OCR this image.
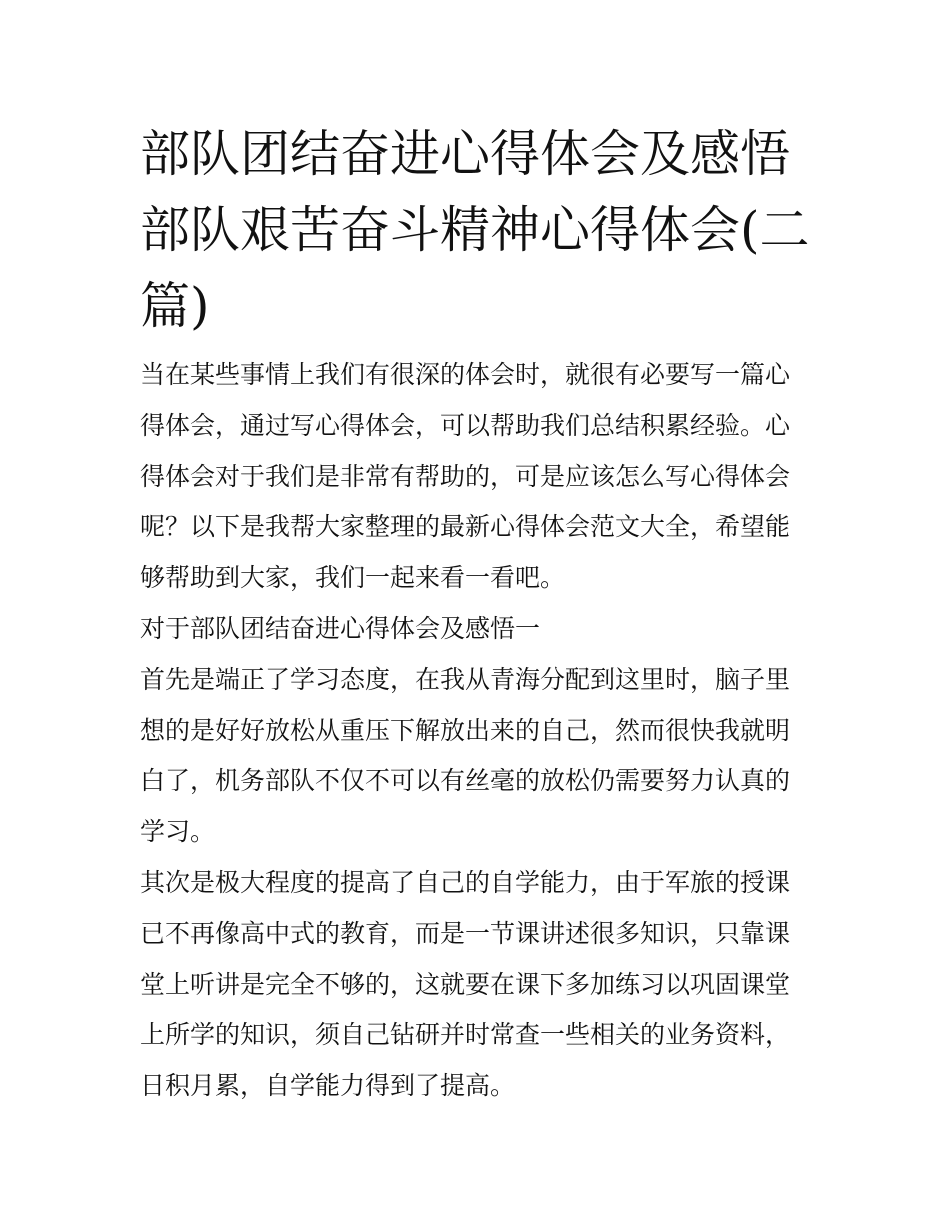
部队团结奋进心得体会及感悟部队艰苦奋斗精神心得体会(二篇)

当在某些事情上我们有很深的体会时，就很有必要写一篇心得体会，通过写心得体会，可以帮助我们总结积累经验。心得体会对于我们是非常有帮助的，可是应该怎么写心得体会呢？以下是我帮大家整理的最新心得体会范文大全，希望能够帮助到大家，我们一起来看一看吧。

对于部队团结奋进心得体会及感悟一

首先是端正了学习态度，在我从青海分配到这里时，脑子里想的是好好放松从重压下解放出来的自己，然而很快我就明白了，机务部队不仅不可以有丝毫的放松仍需要努力认真的学习。

其次是极大程度的提高了自己的自学能力，由于军旅的授课已不再像高中式的教育，而是一节课讲述很多知识，只靠课堂上听讲是完全不够的，这就要在课下多加练习以巩固课堂上所学的知识，须自己钻研并时常查一些相关的业务资料，日积月累，自学能力得到了提高。
